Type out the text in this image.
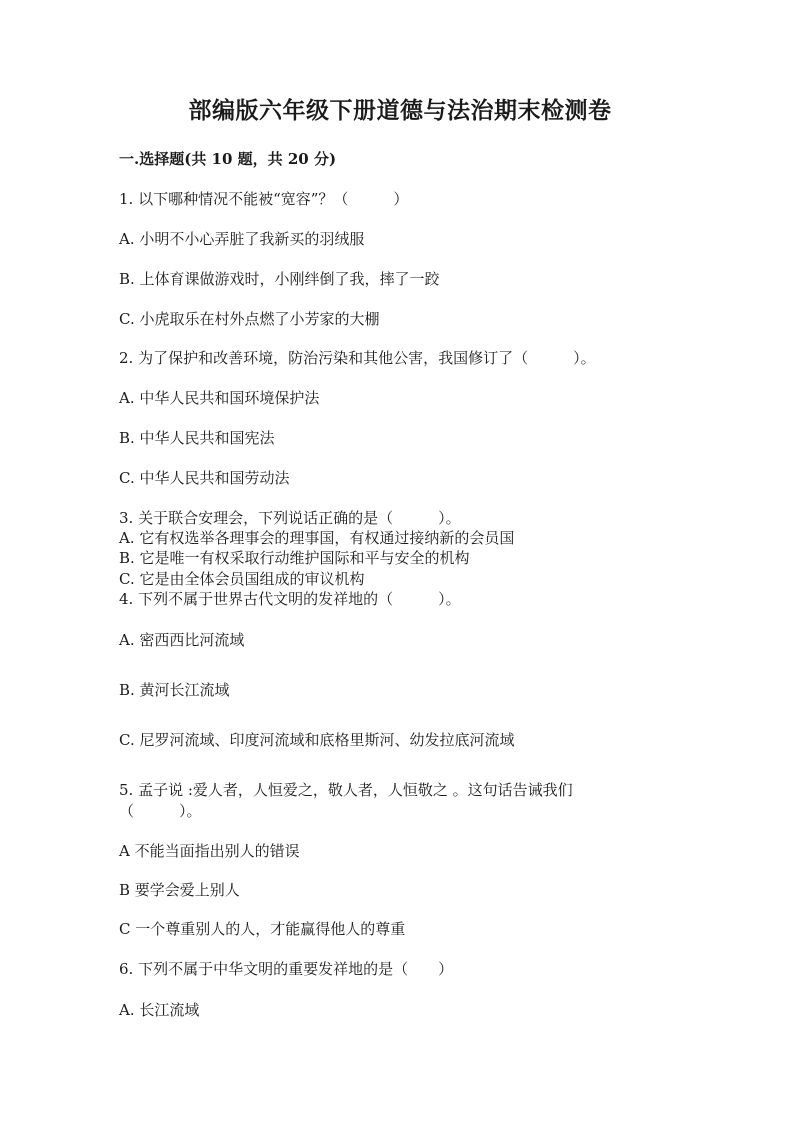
部编版六年级下册道德与法治期末检测卷
一.选择题(共 10 题，共 20 分)
1. 以下哪种情况不能被“宽容”？（　　　）
A. 小明不小心弄脏了我新买的羽绒服
B. 上体育课做游戏时，小刚绊倒了我，摔了一跤
C. 小虎取乐在村外点燃了小芳家的大棚
2. 为了保护和改善环境，防治污染和其他公害，我国修订了（　　　）。
A. 中华人民共和国环境保护法
B. 中华人民共和国宪法
C. 中华人民共和国劳动法
3. 关于联合安理会，下列说话正确的是（　　　）。
A. 它有权选举各理事会的理事国，有权通过接纳新的会员国
B. 它是唯一有权采取行动维护国际和平与安全的机构
C. 它是由全体会员国组成的审议机构
4. 下列不属于世界古代文明的发祥地的（　　　）。
A. 密西西比河流域
B. 黄河长江流域
C. 尼罗河流域、印度河流域和底格里斯河、幼发拉底河流域
5. 孟子说 :爱人者，人恒爱之，敬人者，人恒敬之 。这句话告诫我们
（　　　）。
A 不能当面指出别人的错误
B 要学会爱上别人
C 一个尊重别人的人，才能赢得他人的尊重
6. 下列不属于中华文明的重要发祥地的是（　　）
A. 长江流域
